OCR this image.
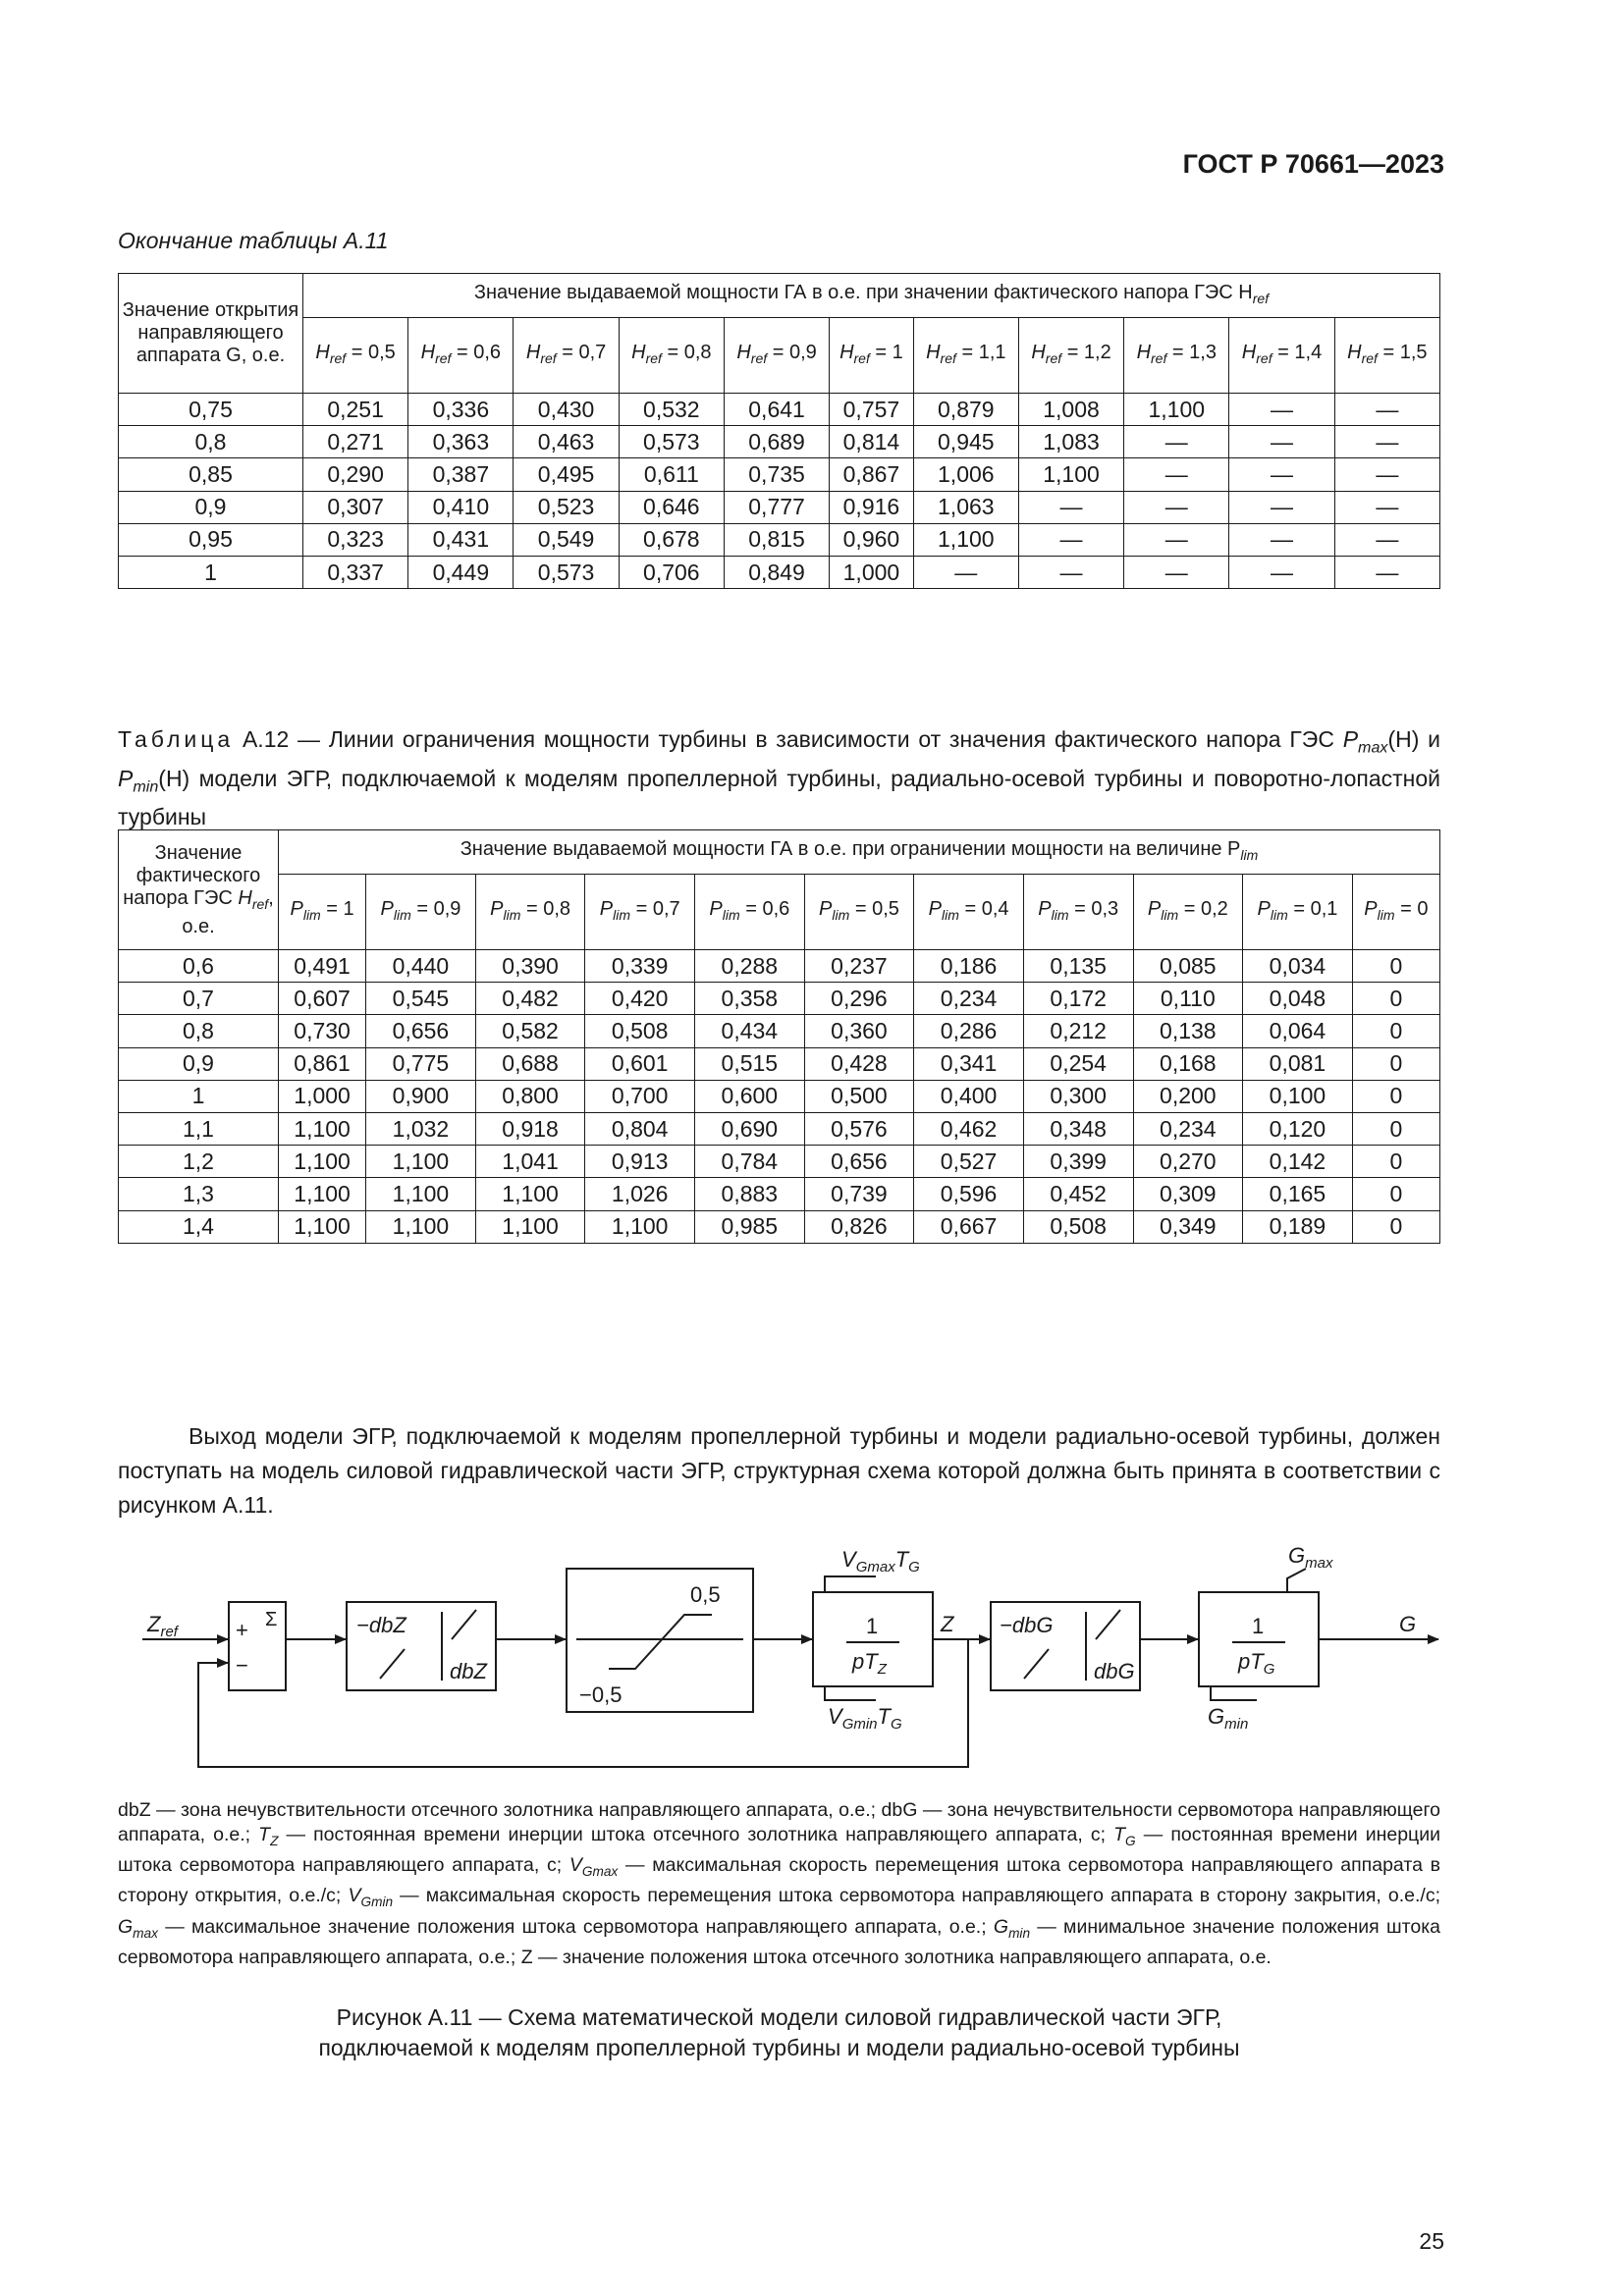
ГОСТ Р 70661—2023
Окончание таблицы А.11
Значение открытия направляющего аппарата G, о.е.	Значение выдаваемой мощности ГА в о.е. при значении фактического напора ГЭС $H_{ref}$
	$H_{ref} = 0,5$	$H_{ref} = 0,6$	$H_{ref} = 0,7$	$H_{ref} = 0,8$	$H_{ref} = 0,9$	$H_{ref} = 1$	$H_{ref} = 1,1$	$H_{ref} = 1,2$	$H_{ref} = 1,3$	$H_{ref} = 1,4$	$H_{ref} = 1,5$
0,75	0,251	0,336	0,430	0,532	0,641	0,757	0,879	1,008	1,100	—	—
0,8	0,271	0,363	0,463	0,573	0,689	0,814	0,945	1,083	—	—	—
0,85	0,290	0,387	0,495	0,611	0,735	0,867	1,006	1,100	—	—	—
0,9	0,307	0,410	0,523	0,646	0,777	0,916	1,063	—	—	—	—
0,95	0,323	0,431	0,549	0,678	0,815	0,960	1,100	—	—	—	—
1	0,337	0,449	0,573	0,706	0,849	1,000	—	—	—	—	—
Таблица А.12 — Линии ограничения мощности турбины в зависимости от значения фактического напора ГЭС $P_{max}(H)$ и $P_{min}(H)$ модели ЭГР, подключаемой к моделям пропеллерной турбины, радиально-осевой турбины и поворотно-лопастной турбины
Значение фактического напора ГЭС $H_{ref}$, о.е.	Значение выдаваемой мощности ГА в о.е. при ограничении мощности на величине $P_{lim}$
	$P_{lim} = 1$	$P_{lim} = 0,9$	$P_{lim} = 0,8$	$P_{lim} = 0,7$	$P_{lim} = 0,6$	$P_{lim} = 0,5$	$P_{lim} = 0,4$	$P_{lim} = 0,3$	$P_{lim} = 0,2$	$P_{lim} = 0,1$	$P_{lim} = 0$
0,6	0,491	0,440	0,390	0,339	0,288	0,237	0,186	0,135	0,085	0,034	0
0,7	0,607	0,545	0,482	0,420	0,358	0,296	0,234	0,172	0,110	0,048	0
0,8	0,730	0,656	0,582	0,508	0,434	0,360	0,286	0,212	0,138	0,064	0
0,9	0,861	0,775	0,688	0,601	0,515	0,428	0,341	0,254	0,168	0,081	0
1	1,000	0,900	0,800	0,700	0,600	0,500	0,400	0,300	0,200	0,100	0
1,1	1,100	1,032	0,918	0,804	0,690	0,576	0,462	0,348	0,234	0,120	0
1,2	1,100	1,100	1,041	0,913	0,784	0,656	0,527	0,399	0,270	0,142	0
1,3	1,100	1,100	1,100	1,026	0,883	0,739	0,596	0,452	0,309	0,165	0
1,4	1,100	1,100	1,100	1,100	0,985	0,826	0,667	0,508	0,349	0,189	0
Выход модели ЭГР, подключаемой к моделям пропеллерной турбины и модели радиально-осевой турбины, должен поступать на модель силовой гидравлической части ЭГР, структурная схема которой должна быть принята в соответствии с рисунком А.11.
$Z_{ref}$	+
−
Σ	−dbZ
dbZ
0,5
−0,5
$V_{Gmax}T_G$
1
$pT_Z$
$V_{Gmin}T_G$
Z −dbG
dbG
1
$pT_G$
$G_{max}$
$G_{min}$
G
dbZ — зона нечувствительности отсечного золотника направляющего аппарата, о.е.; dbG — зона нечувствительности сервомотора направляющего аппарата, о.е.; $T_Z$ — постоянная времени инерции штока отсечного золотника направляющего аппарата, с; $T_G$ — постоянная времени инерции штока сервомотора направляющего аппарата, с; $V_{Gmax}$ — максимальная скорость перемещения штока сервомотора направляющего аппарата в сторону открытия, о.е./с; $V_{Gmin}$ — максимальная скорость перемещения штока сервомотора направляющего аппарата в сторону закрытия, о.е./с; $G_{max}$ — максимальное значение положения штока сервомотора направляющего аппарата, о.е.; $G_{min}$ — минимальное значение положения штока сервомотора направляющего аппарата, о.е.; Z — значение положения штока отсечного золотника направляющего аппарата, о.е.
Рисунок А.11 — Схема математической модели силовой гидравлической части ЭГР,
подключаемой к моделям пропеллерной турбины и модели радиально-осевой турбины
25
